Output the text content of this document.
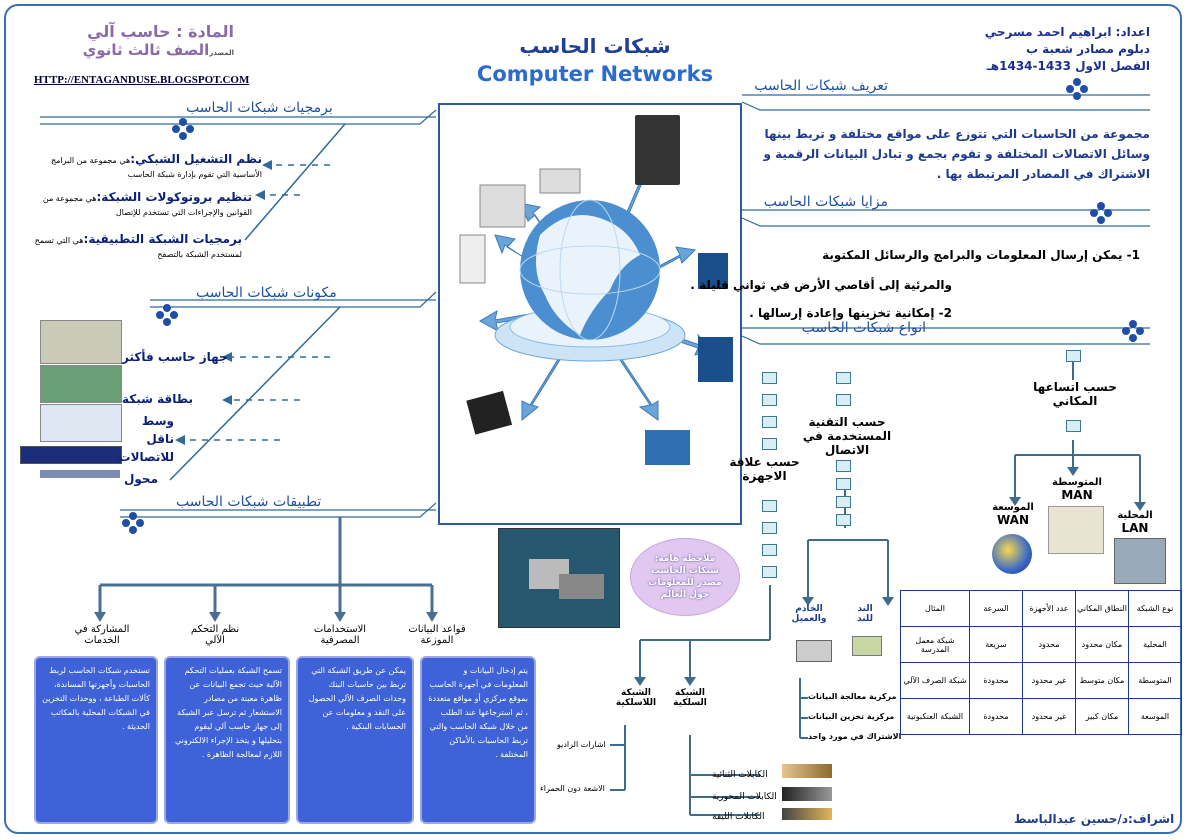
اعداد: ابراهيم احمد مسرحي
دبلوم مصادر شعبة ب
الفصل الاول 1433-1434هـ
المادة : حاسب آلي
المصدرالصف ثالث ثانوي
HTTP://ENTAGANDUSE.BLOGSPOT.COM
شبكات الحاسب
Computer Networks	تعريف شبكات الحاسب
مجموعة من الحاسبات التي تتوزع على مواقع مختلفة و تربط بينها وسائل الاتصالات المختلفة و تقوم بجمع و تبادل البيانات الرقمية و الاشتراك في المصادر المرتبطة بها .
مزايا شبكات الحاسب
1- يمكن إرسال المعلومات والبرامج والرسائل المكتوبة
والمرئية إلى أقاصي الأرض في ثواني قليلة .
2- إمكانية تخزينها وإعادة إرسالها .
انواع شبكات الحاسب
حسب اتساعها المكاني
حسب التقنية المستخدمة في الاتصال
حسب علاقة الاجهزة
المحلية
LAN
المتوسطة
MAN
الموسعة
WAN
الند للند
الخادم والعميل
مركزية معالجة البيانات
مركزية تخزين البيانات
الاشتراك في مورد واحد
الشبكة السلكية
الشبكة اللاسلكية
اشارات الراديو
الاشعة دون الحمراء
الكابلات الثنائية
الكابلات المحورية
الكابلات الليفة
ملاحظة هامة: شبكات الحاسب مصدر للمعلومات حول العالم
نوع الشبكة	النطاق المكاني	عدد الأجهزة	السرعة	المثال
المحلية	مكان محدود	محدود	سريعة	شبكة معمل المدرسة
المتوسطة	مكان متوسط	غير محدود	محدودة	شبكة الصرف الآلي
الموسعة	مكان كبير	غير محدود	محدودة	الشبكة العنكبوتية
اشراف:د/حسين عبدالباسط
برمجيات شبكات الحاسب
نظم التشغيل الشبكي:هي مجموعة من البرامج الأساسية التي تقوم بإدارة شبكة الحاسب
تنظيم بروتوكولات الشبكة:هي مجموعة من القوانين والإجراءات التي تستخدم للإتصال
برمجيات الشبكة التطبيقية:هي التي تسمح لمستخدم الشبكة بالتصفح
مكونات شبكات الحاسب
جهاز حاسب فأكثر
بطاقة شبكة
وسط ناقل للاتصالات
محول
تطبيقات شبكات الحاسب
قواعد البيانات الموزعة
الاستخدامات المصرفية
نظم التحكم الآلي
المشاركة في الخدمات
يتم إدخال البيانات و المعلومات في أجهزة الحاسب بموقع مركزي أو مواقع متعددة ، ثم استرجاعها عند الطلب من خلال شبكة الحاسب والتي تربط الحاسبات بالأماكن المختلفة .
يمكن عن طريق الشبكة التي تربط بين حاسبات البنك وحدات الصرف الآلي الحصول على النقد و معلومات عن الحسابات البنكية .
تسمح الشبكة بعمليات التحكم الآلية حيث تجمع البيانات عن ظاهرة معينة من مصادر الاستشعار ثم ترسل عبر الشبكة إلى جهاز حاسب آلي ليقوم بتحليلها و يتخذ الإجراء الالكتروني اللازم لمعالجة الظاهرة .
تستخدم شبكات الحاسب لربط الحاسبات وأجهزتها المساندة، كآلات الطباعة ، ووحدات التخزين في الشبكات المحلية بالمكاتب الحديثة .
